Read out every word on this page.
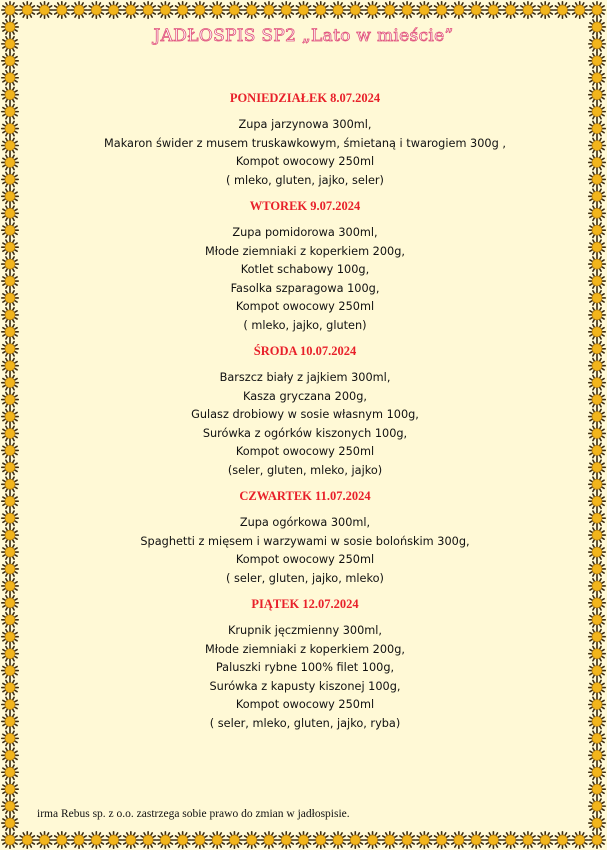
JADŁOSPIS SP2 „Lato w mieście”
PONIEDZIAŁEK 8.07.2024
Zupa jarzynowa 300ml,
Makaron świder z musem truskawkowym, śmietaną i twarogiem 300g ,
Kompot owocowy 250ml
( mleko, gluten, jajko, seler)
WTOREK 9.07.2024
Zupa pomidorowa 300ml,
Młode ziemniaki z koperkiem 200g,
Kotlet schabowy 100g,
Fasolka szparagowa 100g,
Kompot owocowy 250ml
( mleko, jajko, gluten)
ŚRODA 10.07.2024
Barszcz biały z jajkiem 300ml,
Kasza gryczana 200g,
Gulasz drobiowy w sosie własnym 100g,
Surówka z ogórków kiszonych 100g,
Kompot owocowy 250ml
(seler, gluten, mleko, jajko)
CZWARTEK 11.07.2024
Zupa ogórkowa 300ml,
Spaghetti z mięsem i warzywami w sosie bolońskim 300g,
Kompot owocowy 250ml
( seler, gluten, jajko, mleko)
PIĄTEK 12.07.2024
Krupnik jęczmienny 300ml,
Młode ziemniaki z koperkiem 200g,
Paluszki rybne 100% filet 100g,
Surówka z kapusty kiszonej 100g,
Kompot owocowy 250ml
( seler, mleko, gluten, jajko, ryba)
irma Rebus sp. z o.o. zastrzega sobie prawo do zmian w jadłospisie.
